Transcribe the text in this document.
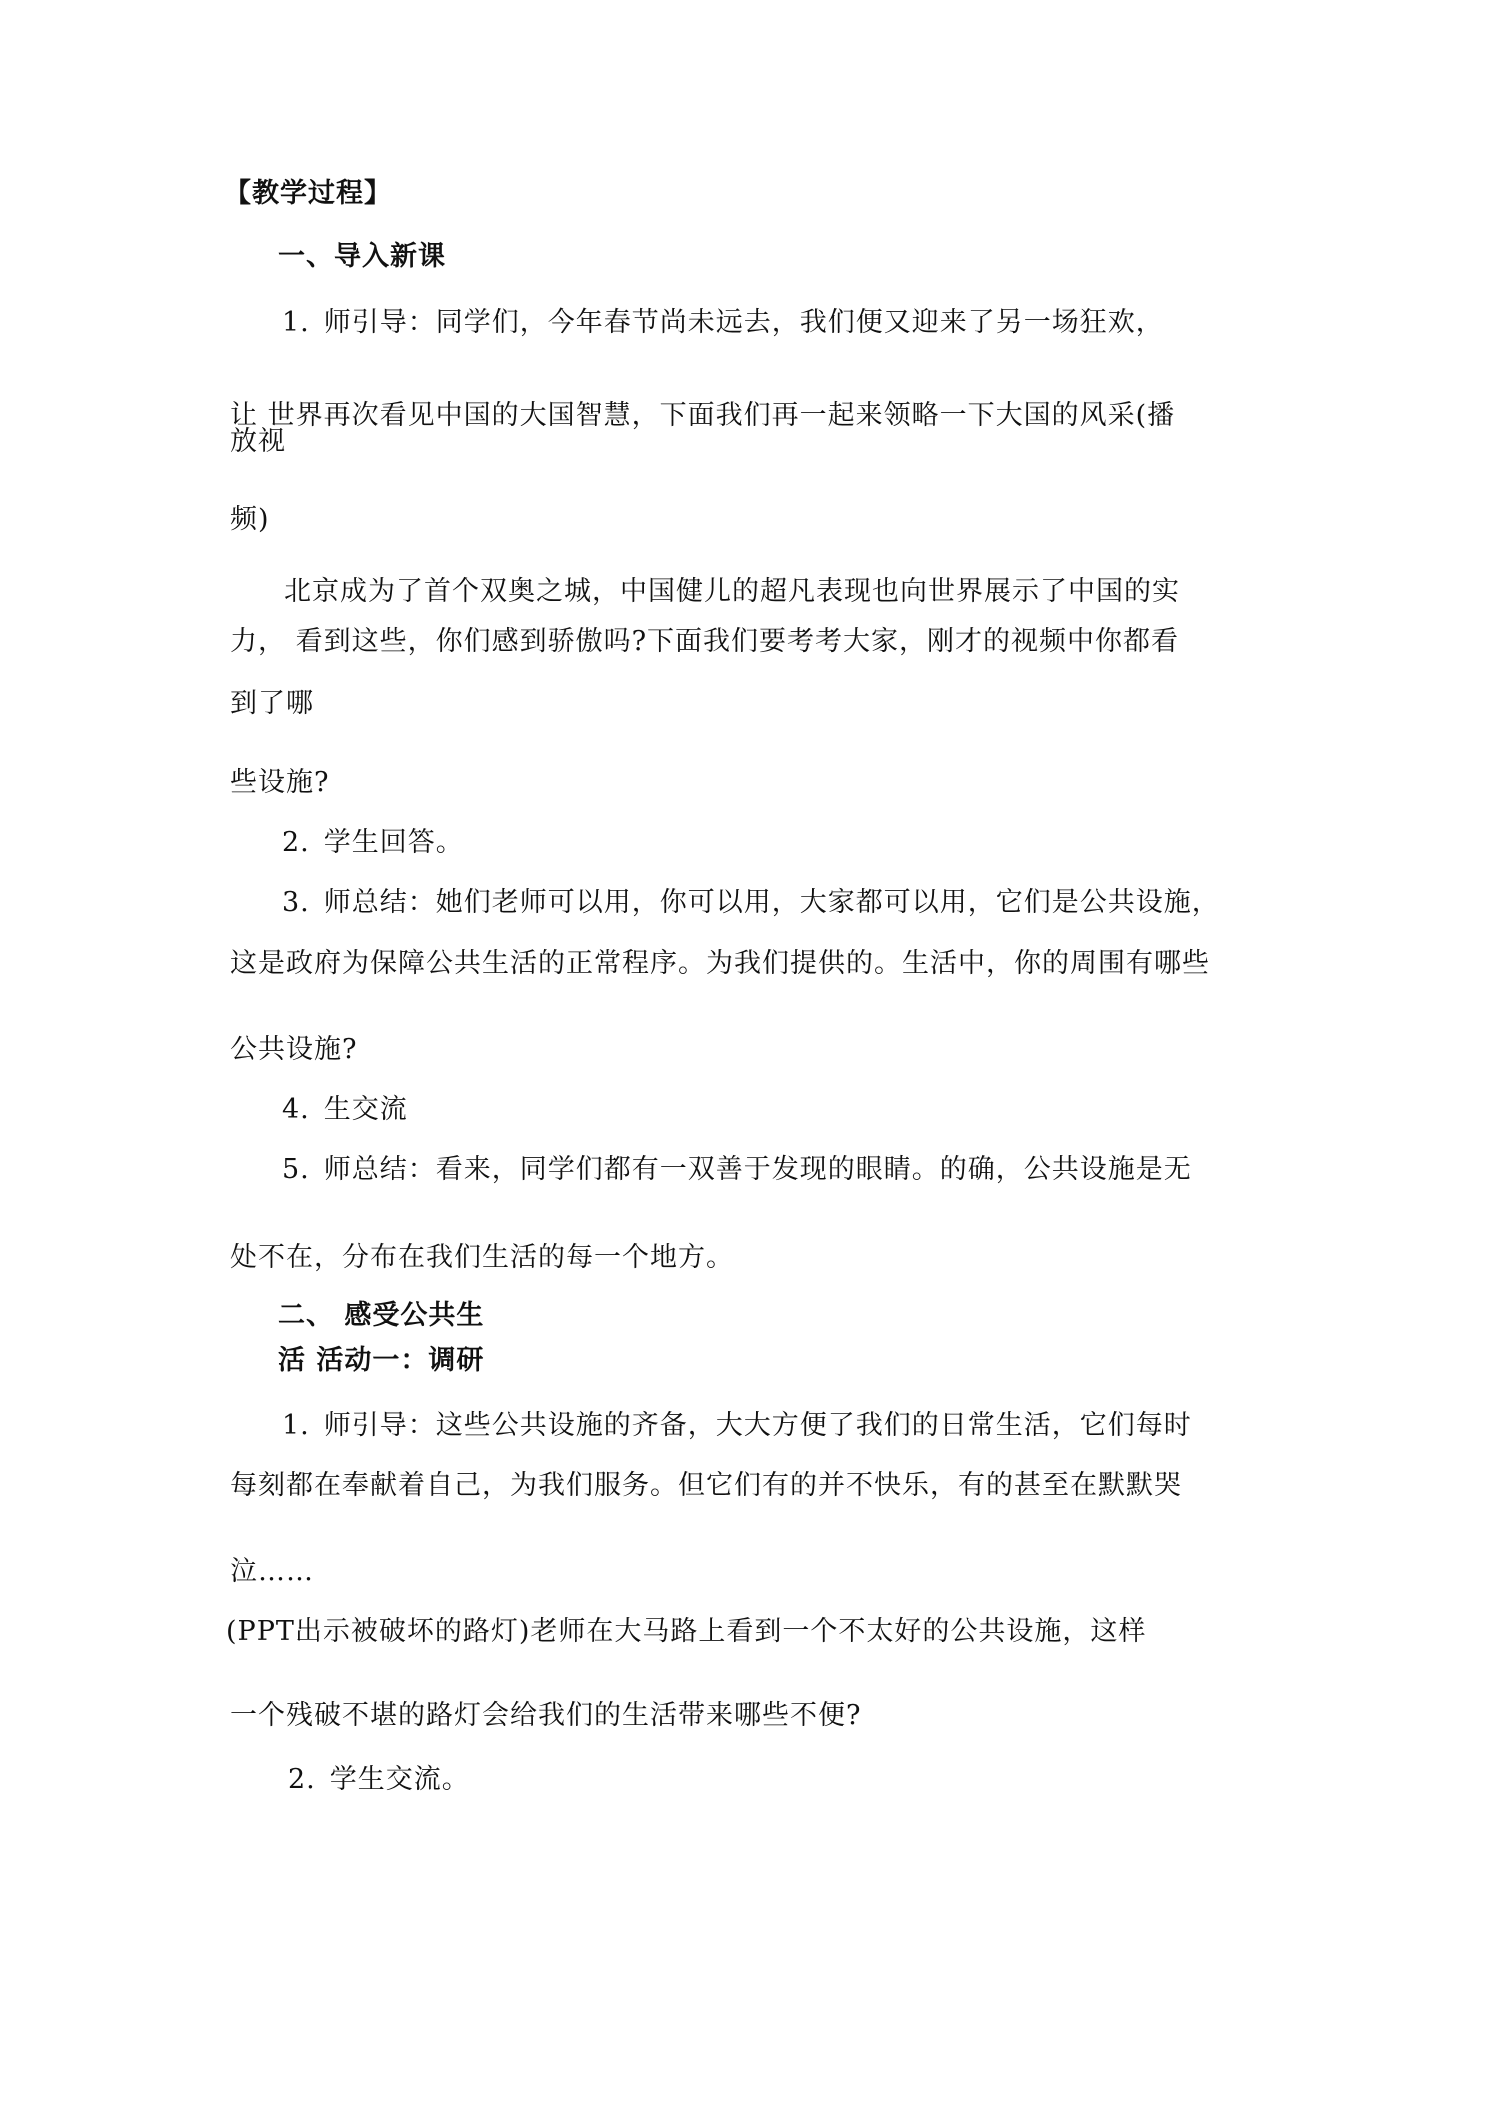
【教学过程】
一、导入新课
1. 师引导：同学们，今年春节尚未远去，我们便又迎来了另一场狂欢，
让 世界再次看见中国的大国智慧，下面我们再一起来领略一下大国的风采(播
放视
频)
北京成为了首个双奥之城，中国健儿的超凡表现也向世界展示了中国的实
力， 看到这些，你们感到骄傲吗?下面我们要考考大家，刚才的视频中你都看
到了哪
些设施?
2. 学生回答。
3. 师总结：她们老师可以用，你可以用，大家都可以用，它们是公共设施，
这是政府为保障公共生活的正常程序。为我们提供的。生活中，你的周围有哪些
公共设施?
4. 生交流
5. 师总结：看来，同学们都有一双善于发现的眼睛。的确，公共设施是无
处不在，分布在我们生活的每一个地方。
二、 感受公共生
活 活动一：调研
1. 师引导：这些公共设施的齐备，大大方便了我们的日常生活，它们每时
每刻都在奉献着自己，为我们服务。但它们有的并不快乐，有的甚至在默默哭
泣……
(PPT出示被破坏的路灯)老师在大马路上看到一个不太好的公共设施，这样
一个残破不堪的路灯会给我们的生活带来哪些不便?
2. 学生交流。
